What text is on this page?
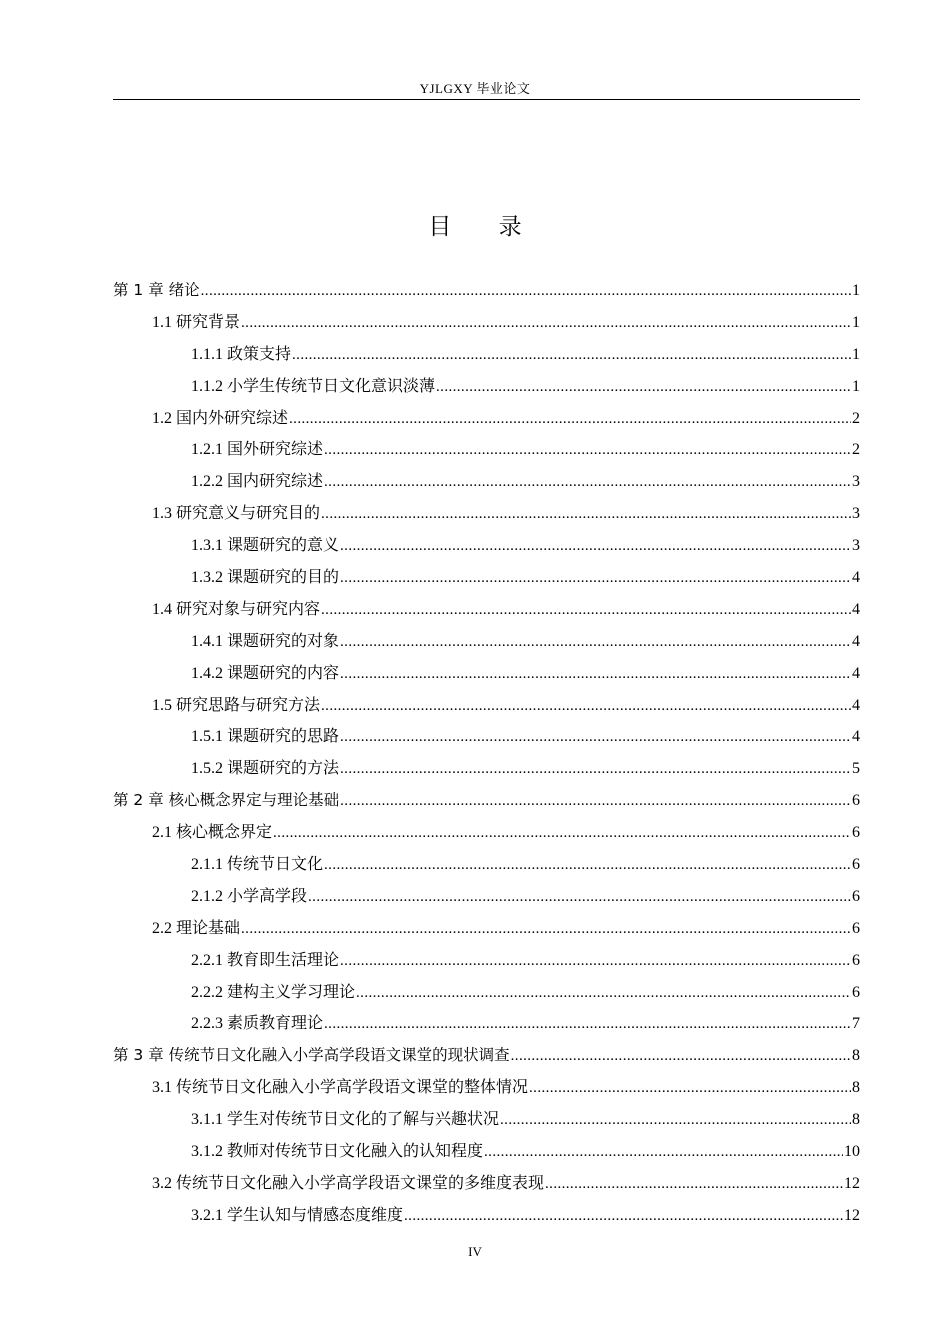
YJLGXY 毕业论文
目 录
第 1 章 绪论 .....	1
1.1 研究背景 .....	1
1.1.1 政策支持 .....	1
1.1.2 小学生传统节日文化意识淡薄 .....	1
1.2 国内外研究综述 .....	2
1.2.1 国外研究综述 .....	2
1.2.2 国内研究综述 .....	3
1.3 研究意义与研究目的 .....	3
1.3.1 课题研究的意义 .....	3
1.3.2 课题研究的目的 .....	4
1.4 研究对象与研究内容 .....	4
1.4.1 课题研究的对象 .....	4
1.4.2 课题研究的内容 .....	4
1.5 研究思路与研究方法 .....	4
1.5.1 课题研究的思路 .....	4
1.5.2 课题研究的方法 .....	5
第 2 章 核心概念界定与理论基础 .....	6
2.1 核心概念界定 .....	6
2.1.1 传统节日文化 .....	6
2.1.2 小学高学段 .....	6
2.2 理论基础 .....	6
2.2.1 教育即生活理论 .....	6
2.2.2 建构主义学习理论 .....	6
2.2.3 素质教育理论 .....	7
第 3 章 传统节日文化融入小学高学段语文课堂的现状调查 .....	8
3.1 传统节日文化融入小学高学段语文课堂的整体情况 .....	8
3.1.1 学生对传统节日文化的了解与兴趣状况 .....	8
3.1.2 教师对传统节日文化融入的认知程度 .....	10
3.2 传统节日文化融入小学高学段语文课堂的多维度表现 .....	12
3.2.1 学生认知与情感态度维度 .....	12
IV
